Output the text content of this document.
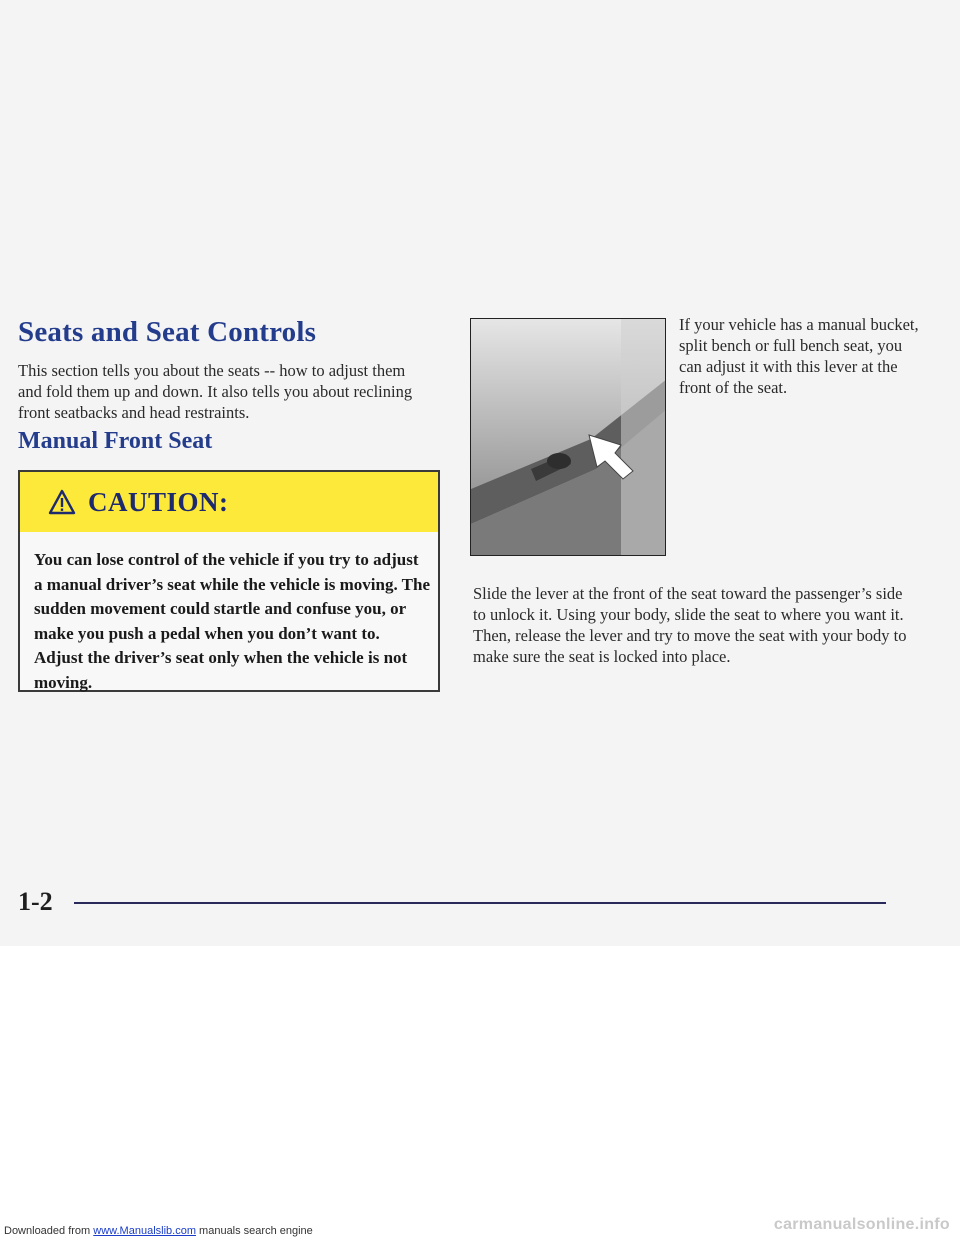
Seats and Seat Controls

This section tells you about the seats -- how to adjust them and fold them up and down. It also tells you about reclining front seatbacks and head restraints.

Manual Front Seat
CAUTION:

You can lose control of the vehicle if you try to adjust a manual driver’s seat while the vehicle is moving. The sudden movement could startle and confuse you, or make you push a pedal when you don’t want to. Adjust the driver’s seat only when the vehicle is not moving.

If your vehicle has a manual bucket, split bench or full bench seat, you can adjust it with this lever at the front of the seat.

Slide the lever at the front of the seat toward the passenger’s side to unlock it. Using your body, slide the seat to where you want it. Then, release the lever and try to move the seat with your body to make sure the seat is locked into place.

1-2
Downloaded from www.Manualslib.com manuals search engine	carmanualsonline.info
